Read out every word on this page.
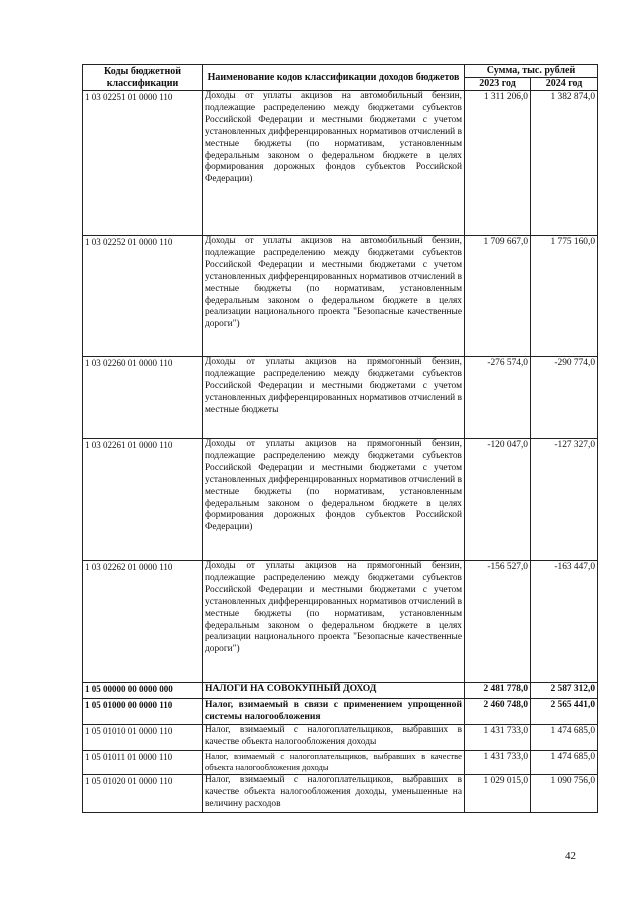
Коды бюджетной классификации	Наименование кодов классификации доходов бюджетов	Сумма, тыс. рублей	
		2023 год	2024 год
1 03 02251 01 0000 110	Доходы от уплаты акцизов на автомобильный бензин, подлежащие распределению между бюджетами субъектов Российской Федерации и местными бюджетами с учетом установленных дифференцированных нормативов отчислений в местные бюджеты (по нормативам, установленным федеральным законом о федеральном бюджете в целях формирования дорожных фондов субъектов Российской Федерации)	1 311 206,0	1 382 874,0
1 03 02252 01 0000 110	Доходы от уплаты акцизов на автомобильный бензин, подлежащие распределению между бюджетами субъектов Российской Федерации и местными бюджетами с учетом установленных дифференцированных нормативов отчислений в местные бюджеты (по нормативам, установленным федеральным законом о федеральном бюджете в целях реализации национального проекта "Безопасные качественные дороги")	1 709 667,0	1 775 160,0
1 03 02260 01 0000 110	Доходы от уплаты акцизов на прямогонный бензин, подлежащие распределению между бюджетами субъектов Российской Федерации и местными бюджетами с учетом установленных дифференцированных нормативов отчислений в местные бюджеты	-276 574,0	-290 774,0
1 03 02261 01 0000 110	Доходы от уплаты акцизов на прямогонный бензин, подлежащие распределению между бюджетами субъектов Российской Федерации и местными бюджетами с учетом установленных дифференцированных нормативов отчислений в местные бюджеты (по нормативам, установленным федеральным законом о федеральном бюджете в целях формирования дорожных фондов субъектов Российской Федерации)	-120 047,0	-127 327,0
1 03 02262 01 0000 110	Доходы от уплаты акцизов на прямогонный бензин, подлежащие распределению между бюджетами субъектов Российской Федерации и местными бюджетами с учетом установленных дифференцированных нормативов отчислений в местные бюджеты (по нормативам, установленным федеральным законом о федеральном бюджете в целях реализации национального проекта "Безопасные качественные дороги")	-156 527,0	-163 447,0
1 05 00000 00 0000 000	НАЛОГИ НА СОВОКУПНЫЙ ДОХОД	2 481 778,0	2 587 312,0
1 05 01000 00 0000 110	Налог, взимаемый в связи с применением упрощенной системы налогообложения	2 460 748,0	2 565 441,0
1 05 01010 01 0000 110	Налог, взимаемый с налогоплательщиков, выбравших в качестве объекта налогообложения доходы	1 431 733,0	1 474 685,0
1 05 01011 01 0000 110	Налог, взимаемый с налогоплательщиков, выбравших в качестве объекта налогообложения доходы	1 431 733,0	1 474 685,0
1 05 01020 01 0000 110	Налог, взимаемый с налогоплательщиков, выбравших в качестве объекта налогообложения доходы, уменьшенные на величину расходов	1 029 015,0	1 090 756,0
42
